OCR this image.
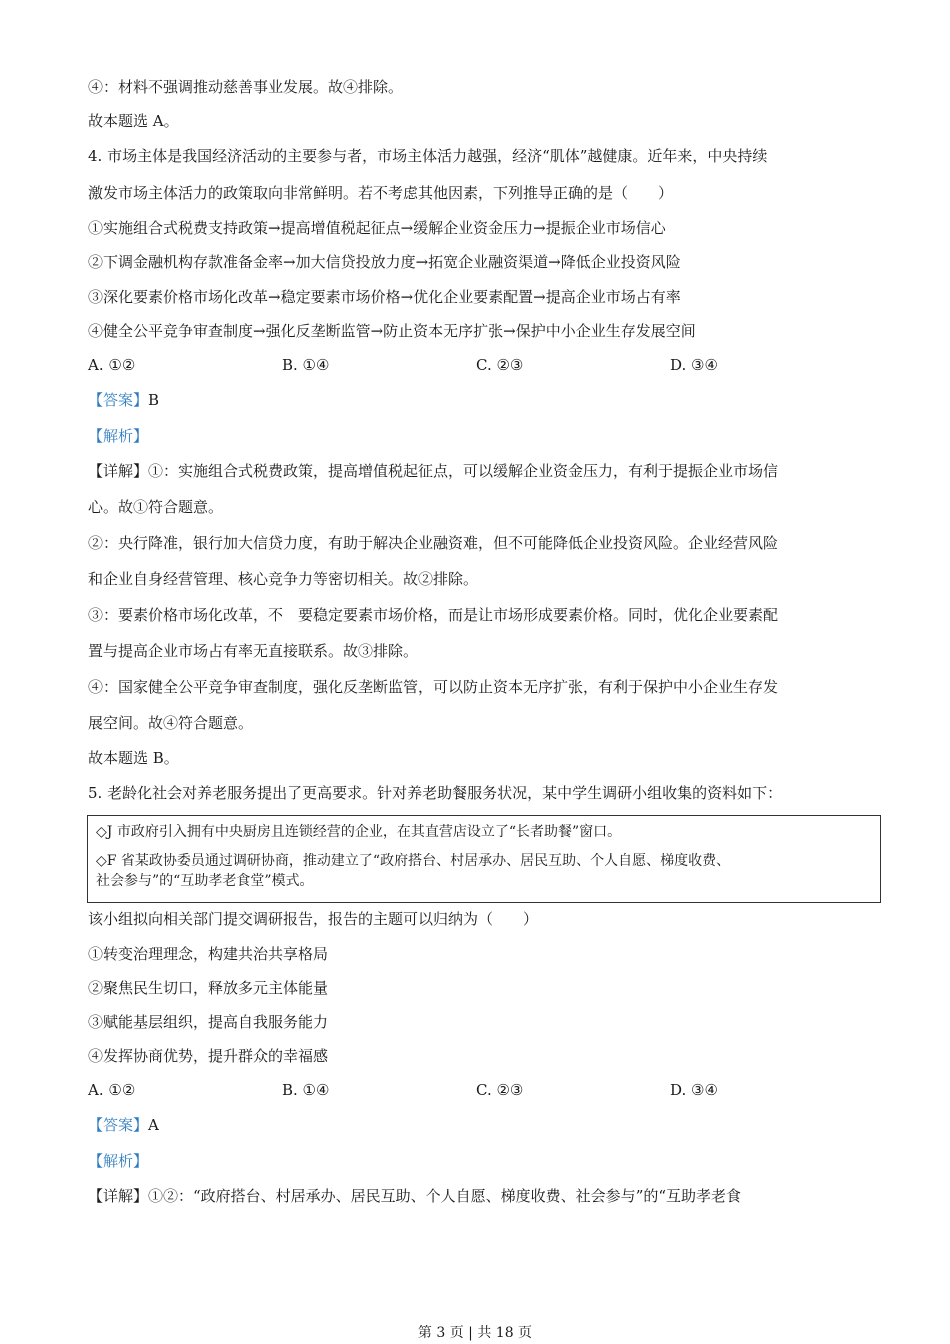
④：材料不强调推动慈善事业发展。故④排除。
故本题选 A。
4. 市场主体是我国经济活动的主要参与者，市场主体活力越强，经济“肌体”越健康。近年来，中央持续
激发市场主体活力的政策取向非常鲜明。若不考虑其他因素，下列推导正确的是（　　）
①实施组合式税费支持政策→提高增值税起征点→缓解企业资金压力→提振企业市场信心
②下调金融机构存款准备金率→加大信贷投放力度→拓宽企业融资渠道→降低企业投资风险
③深化要素价格市场化改革→稳定要素市场价格→优化企业要素配置→提高企业市场占有率
④健全公平竞争审查制度→强化反垄断监管→防止资本无序扩张→保护中小企业生存发展空间
A. ①②	B. ①④	C. ②③	D. ③④
【答案】B
【解析】
【详解】①：实施组合式税费政策，提高增值税起征点，可以缓解企业资金压力，有利于提振企业市场信
心。故①符合题意。
②：央行降准，银行加大信贷力度，有助于解决企业融资难，但不可能降低企业投资风险。企业经营风险
和企业自身经营管理、核心竞争力等密切相关。故②排除。
③：要素价格市场化改革，不　要稳定要素市场价格，而是让市场形成要素价格。同时，优化企业要素配
置与提高企业市场占有率无直接联系。故③排除。
④：国家健全公平竞争审查制度，强化反垄断监管，可以防止资本无序扩张，有利于保护中小企业生存发
展空间。故④符合题意。
故本题选 B。
5. 老龄化社会对养老服务提出了更高要求。针对养老助餐服务状况，某中学生调研小组收集的资料如下：
◇J 市政府引入拥有中央厨房且连锁经营的企业，在其直营店设立了“长者助餐”窗口。
◇F 省某政协委员通过调研协商，推动建立了“政府搭台、村居承办、居民互助、个人自愿、梯度收费、
社会参与”的“互助孝老食堂”模式。
该小组拟向相关部门提交调研报告，报告的主题可以归纳为（　　）
①转变治理理念，构建共治共享格局
②聚焦民生切口，释放多元主体能量
③赋能基层组织，提高自我服务能力
④发挥协商优势，提升群众的幸福感
A. ①②	B. ①④	C. ②③	D. ③④
【答案】A
【解析】
【详解】①②：“政府搭台、村居承办、居民互助、个人自愿、梯度收费、社会参与”的“互助孝老食
第 3 页 | 共 18 页
